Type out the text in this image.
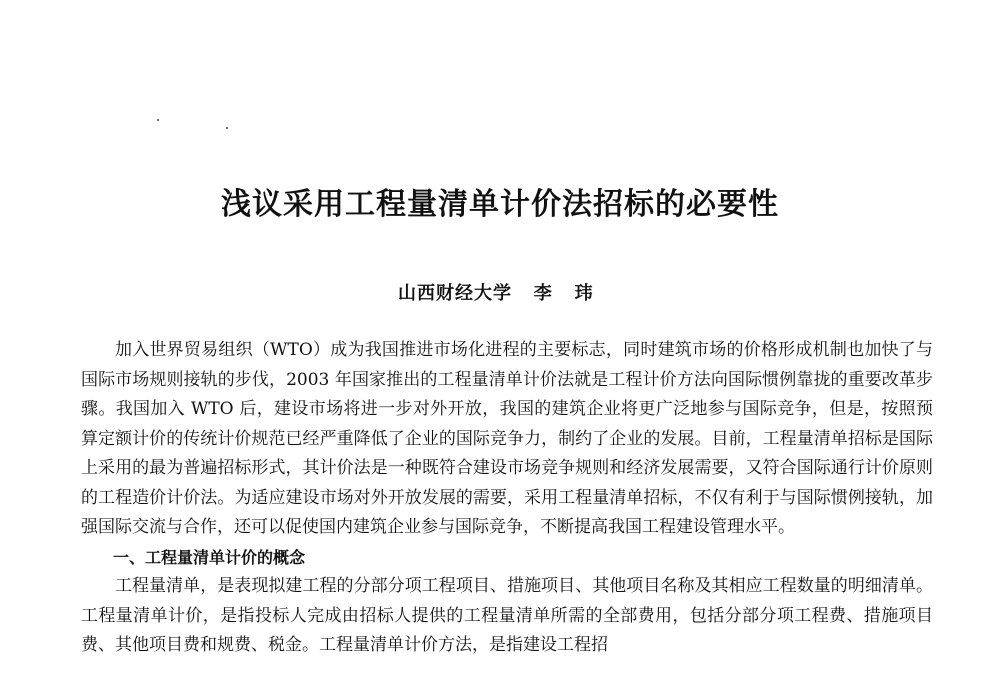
浅议采用工程量清单计价法招标的必要性
山西财经大学   李   玮

加入世界贸易组织（WTO）成为我国推进市场化进程的主要标志，同时建筑市场的价格形成机制也加快了与国际市场规则接轨的步伐，2003 年国家推出的工程量清单计价法就是工程计价方法向国际惯例靠拢的重要改革步骤。我国加入 WTO 后，建设市场将进一步对外开放，我国的建筑企业将更广泛地参与国际竞争，但是，按照预算定额计价的传统计价规范已经严重降低了企业的国际竞争力，制约了企业的发展。目前，工程量清单招标是国际上采用的最为普遍招标形式，其计价法是一种既符合建设市场竞争规则和经济发展需要，又符合国际通行计价原则的工程造价计价法。为适应建设市场对外开放发展的需要，采用工程量清单招标，不仅有利于与国际惯例接轨，加强国际交流与合作，还可以促使国内建筑企业参与国际竞争，不断提高我国工程建设管理水平。

一、工程量清单计价的概念

工程量清单，是表现拟建工程的分部分项工程项目、措施项目、其他项目名称及其相应工程数量的明细清单。工程量清单计价，是指投标人完成由招标人提供的工程量清单所需的全部费用，包括分部分项工程费、措施项目费、其他项目费和规费、税金。工程量清单计价方法，是指建设工程招
